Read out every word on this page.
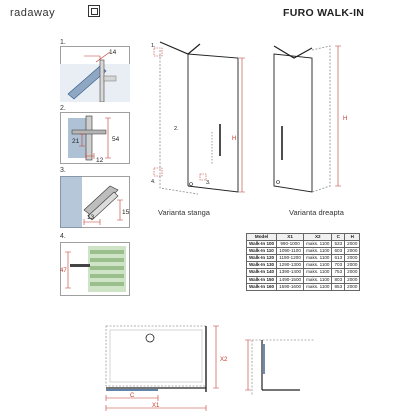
radaway	FURO WALK-IN
1.
2.
3.
4.
14
54
21
12
15
13
47
1.
4.
2.
3.
H
Varianta stanga
H
Varianta dreapta
Model	X1	X2	C	H
Walk-In 100	990-1000	maks. 1100	533	2000
Walk-In 110	1090-1100	maks. 1100	603	2000
Walk-In 120	1190-1200	maks. 1100	613	2000
Walk-In 130	1290-1300	maks. 1100	703	2000
Walk-In 140	1390-1400	maks. 1100	753	2000
Walk-In 150	1490-1500	maks. 1100	803	2000
Walk-In 160	1590-1600	maks. 1100	853	2000
X2
C
X1
